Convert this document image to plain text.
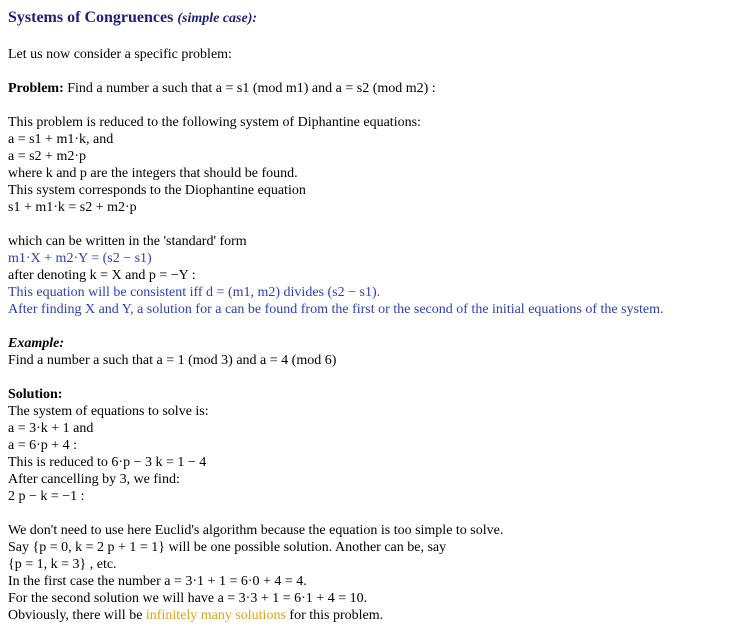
Systems of Congruences (simple case):
Let us now consider a specific problem:
Problem: Find a number a such that a = s1 (mod m1) and a = s2 (mod m2) :
This problem is reduced to the following system of Diphantine equations:
a = s1 + m1·k, and
a = s2 + m2·p
where k and p are the integers that should be found.
This system corresponds to the Diophantine equation
s1 + m1·k = s2 + m2·p
which can be written in the 'standard' form
m1·X + m2·Y = (s2 − s1)
after denoting k = X and p = −Y :
This equation will be consistent iff d = (m1, m2) divides (s2 − s1).
After finding X and Y, a solution for a can be found from the first or the second of the initial equations of the system.
Example:
Find a number a such that a = 1 (mod 3) and a = 4 (mod 6)
Solution:
The system of equations to solve is:
a = 3·k + 1 and
a = 6·p + 4 :
This is reduced to 6·p − 3 k = 1 − 4
After cancelling by 3, we find:
2 p − k = −1 :
We don't need to use here Euclid's algorithm because the equation is too simple to solve.
Say {p = 0, k = 2 p + 1 = 1} will be one possible solution. Another can be, say
{p = 1, k = 3} , etc.
In the first case the number a = 3·1 + 1 = 6·0 + 4 = 4.
For the second solution we will have a = 3·3 + 1 = 6·1 + 4 = 10.
Obviously, there will be infinitely many solutions for this problem.
